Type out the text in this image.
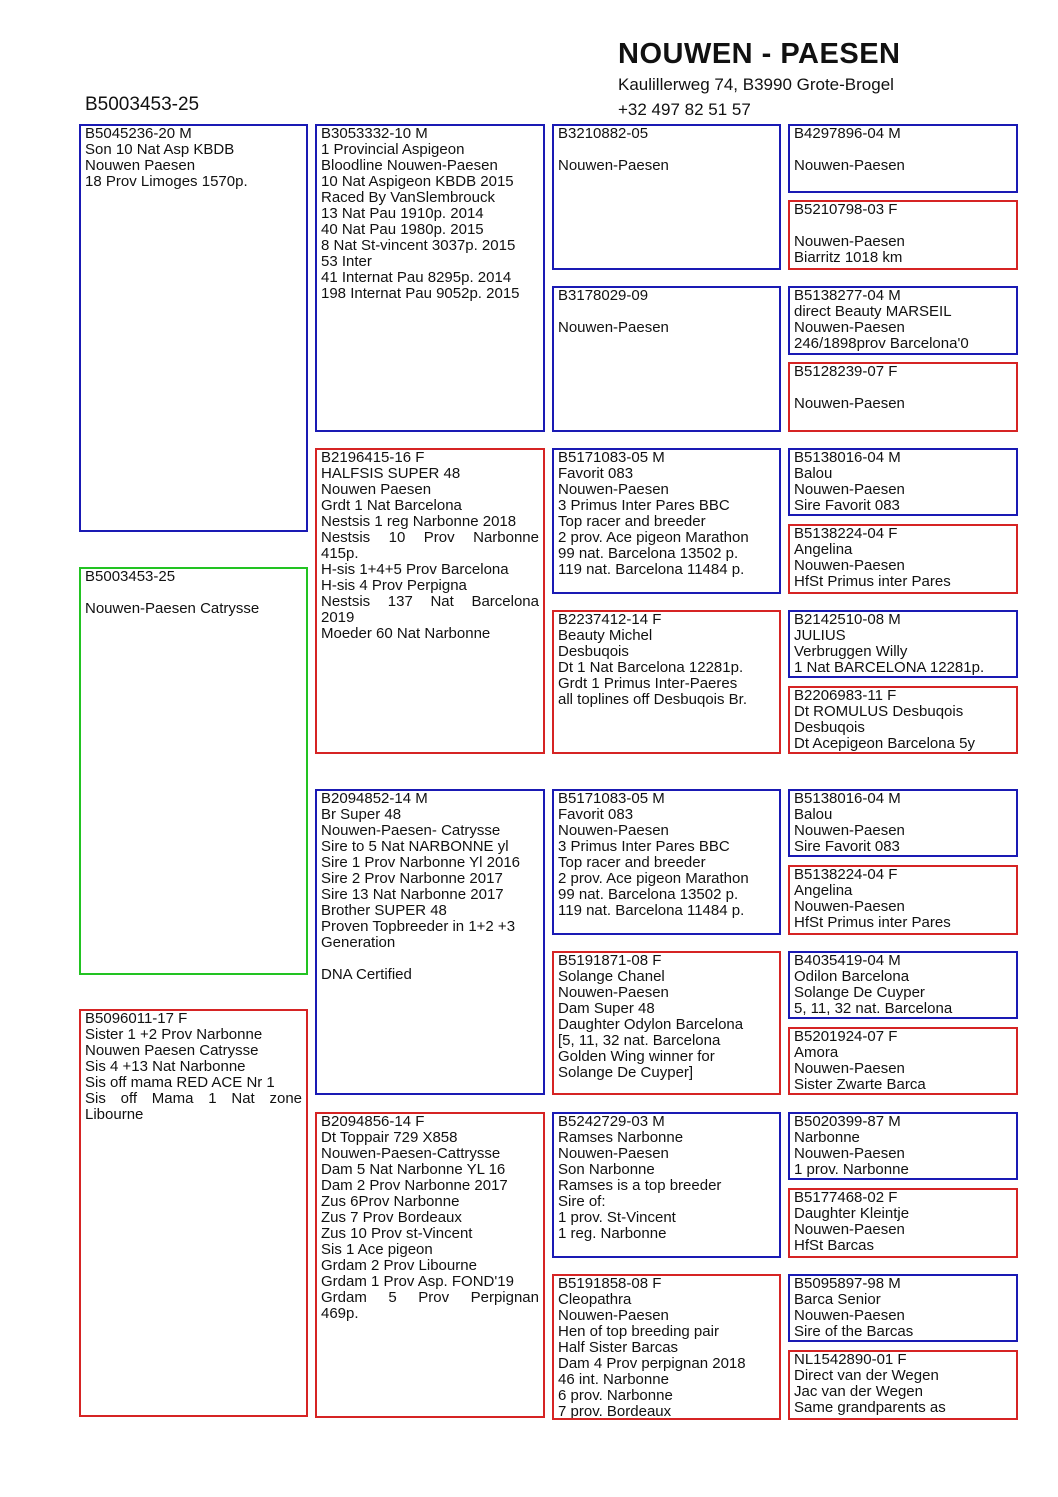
NOUWEN - PAESEN
Kaulillerweg 74, B3990 Grote-Brogel
+32 497 82 51 57
B5003453-25
B5045236-20 M
Son 10 Nat Asp KBDB
Nouwen Paesen
18 Prov Limoges 1570p.
B5003453-25
Nouwen-Paesen Catrysse
B5096011-17 F
Sister 1 +2 Prov Narbonne
Nouwen Paesen Catrysse
Sis 4 +13 Nat Narbonne
Sis off mama RED ACE Nr 1
Sis off Mama 1 Nat zone
Libourne
B3053332-10 M
1 Provincial Aspigeon
Bloodline Nouwen-Paesen
10 Nat Aspigeon KBDB 2015
Raced By VanSlembrouck
13 Nat Pau 1910p. 2014
40 Nat Pau 1980p. 2015
8 Nat St-vincent 3037p. 2015
53 Inter
41 Internat Pau 8295p. 2014
198 Internat Pau 9052p. 2015
B2196415-16 F
HALFSIS SUPER 48
Nouwen Paesen
Grdt 1 Nat Barcelona
Nestsis 1 reg Narbonne 2018
Nestsis 10 Prov Narbonne
415p.
H-sis 1+4+5 Prov Barcelona
H-sis 4 Prov Perpigna
Nestsis 137 Nat Barcelona
2019
Moeder 60 Nat Narbonne
B2094852-14 M
Br Super 48
Nouwen-Paesen- Catrysse
Sire to 5 Nat NARBONNE yl
Sire 1 Prov Narbonne Yl 2016
Sire 2 Prov Narbonne 2017
Sire 13 Nat Narbonne 2017
Brother SUPER 48
Proven Topbreeder in 1+2 +3
Generation
DNA Certified
B2094856-14 F
Dt Toppair 729 X858
Nouwen-Paesen-Cattrysse
Dam 5 Nat Narbonne YL 16
Dam 2 Prov Narbonne 2017
Zus 6Prov Narbonne
Zus 7 Prov Bordeaux
Zus 10 Prov st-Vincent
Sis 1 Ace pigeon
Grdam 2 Prov Libourne
Grdam 1 Prov Asp. FOND'19
Grdam 5 Prov Perpignan
469p.
B3210882-05
Nouwen-Paesen
B3178029-09
Nouwen-Paesen
B5171083-05 M
Favorit 083
Nouwen-Paesen
3 Primus Inter Pares BBC
Top racer and breeder
2 prov. Ace pigeon Marathon
99 nat. Barcelona 13502 p.
119 nat. Barcelona 11484 p.
B2237412-14 F
Beauty Michel
Desbuqois
Dt 1 Nat Barcelona 12281p.
Grdt 1 Primus Inter-Paeres
all toplines off Desbuqois Br.
B5171083-05 M
Favorit 083
Nouwen-Paesen
3 Primus Inter Pares BBC
Top racer and breeder
2 prov. Ace pigeon Marathon
99 nat. Barcelona 13502 p.
119 nat. Barcelona 11484 p.
B5191871-08 F
Solange Chanel
Nouwen-Paesen
Dam Super 48
Daughter Odylon Barcelona
[5, 11, 32 nat. Barcelona
Golden Wing winner for
Solange De Cuyper]
B5242729-03 M
Ramses Narbonne
Nouwen-Paesen
Son Narbonne
Ramses is a top breeder
Sire of:
1 prov. St-Vincent
1 reg. Narbonne
B5191858-08 F
Cleopathra
Nouwen-Paesen
Hen of top breeding pair
Half Sister Barcas
Dam 4 Prov perpignan 2018
46 int. Narbonne
6 prov. Narbonne
7 prov. Bordeaux
B4297896-04 M
Nouwen-Paesen
B5210798-03 F
Nouwen-Paesen
Biarritz 1018 km
B5138277-04 M
direct Beauty MARSEIL
Nouwen-Paesen
246/1898prov Barcelona'0
B5128239-07 F
Nouwen-Paesen
B5138016-04 M
Balou
Nouwen-Paesen
Sire Favorit 083
B5138224-04 F
Angelina
Nouwen-Paesen
HfSt Primus inter Pares
B2142510-08 M
JULIUS
Verbruggen Willy
1 Nat BARCELONA 12281p.
B2206983-11 F
Dt ROMULUS Desbuqois
Desbuqois
Dt Acepigeon Barcelona 5y
B5138016-04 M
Balou
Nouwen-Paesen
Sire Favorit 083
B5138224-04 F
Angelina
Nouwen-Paesen
HfSt Primus inter Pares
B4035419-04 M
Odilon Barcelona
Solange De Cuyper
5, 11, 32 nat. Barcelona
B5201924-07 F
Amora
Nouwen-Paesen
Sister Zwarte Barca
B5020399-87 M
Narbonne
Nouwen-Paesen
1 prov. Narbonne
B5177468-02 F
Daughter Kleintje
Nouwen-Paesen
HfSt Barcas
B5095897-98 M
Barca Senior
Nouwen-Paesen
Sire of the Barcas
NL1542890-01 F
Direct van der Wegen
Jac van der Wegen
Same grandparents as
